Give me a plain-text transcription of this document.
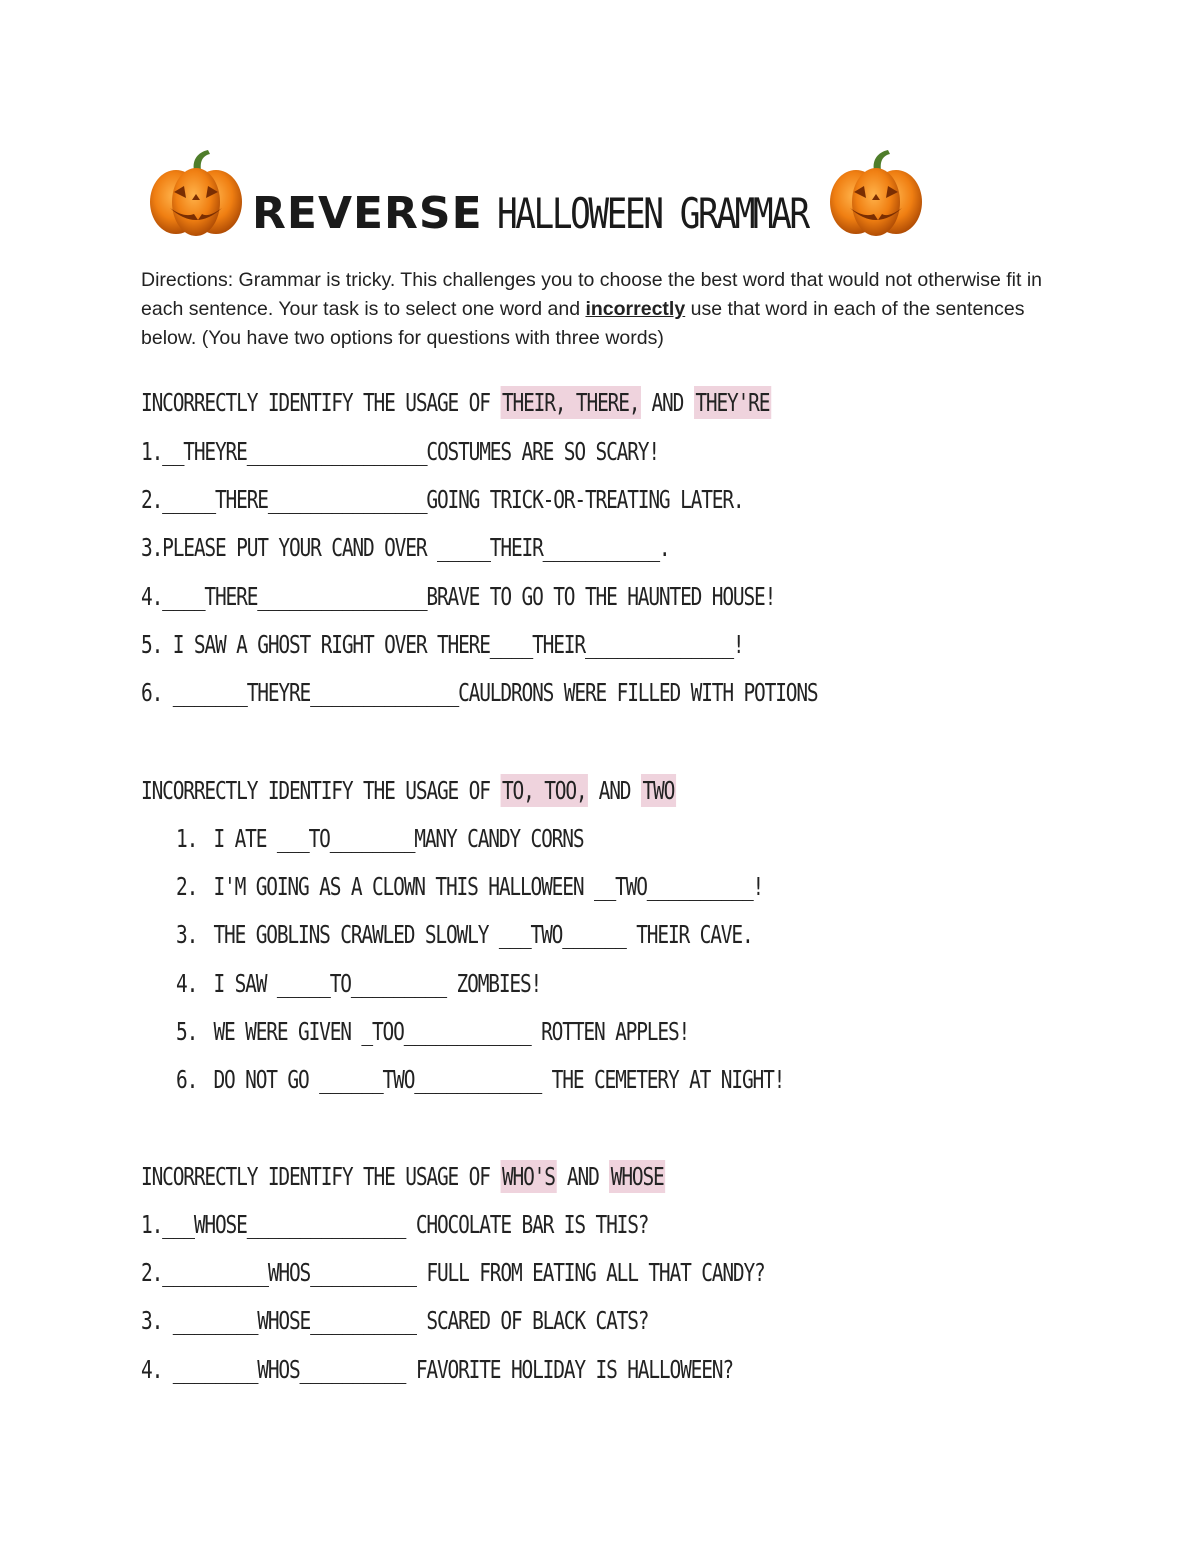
REVERSE HALLOWEEN GRAMMAR
Directions: Grammar is tricky. This challenges you to choose the best word that would not otherwise fit in each sentence. Your task is to select one word and incorrectly use that word in each of the sentences below. (You have two options for questions with three words)
INCORRECTLY IDENTIFY THE USAGE OF THEIR, THERE, AND THEY'RE
1.__THEYRE_________________COSTUMES ARE SO SCARY!
2._____THERE_______________GOING TRICK-OR-TREATING LATER.
3.PLEASE PUT YOUR CAND OVER _____THEIR___________.
4.____THERE________________BRAVE TO GO TO THE HAUNTED HOUSE!
5. I SAW A GHOST RIGHT OVER THERE____THEIR______________!
6. _______THEYRE______________CAULDRONS WERE FILLED WITH POTIONS
INCORRECTLY IDENTIFY THE USAGE OF TO, TOO, AND TWO
1. I ATE ___TO________MANY CANDY CORNS
2. I'M GOING AS A CLOWN THIS HALLOWEEN __TWO__________!
3. THE GOBLINS CRAWLED SLOWLY ___TWO______ THEIR CAVE.
4. I SAW _____TO_________ ZOMBIES!
5. WE WERE GIVEN _TOO____________ ROTTEN APPLES!
6. DO NOT GO ______TWO____________ THE CEMETERY AT NIGHT!
INCORRECTLY IDENTIFY THE USAGE OF WHO'S AND WHOSE
1.___WHOSE_______________ CHOCOLATE BAR IS THIS?
2.__________WHOS__________ FULL FROM EATING ALL THAT CANDY?
3. ________WHOSE__________ SCARED OF BLACK CATS?
4. ________WHOS__________ FAVORITE HOLIDAY IS HALLOWEEN?
